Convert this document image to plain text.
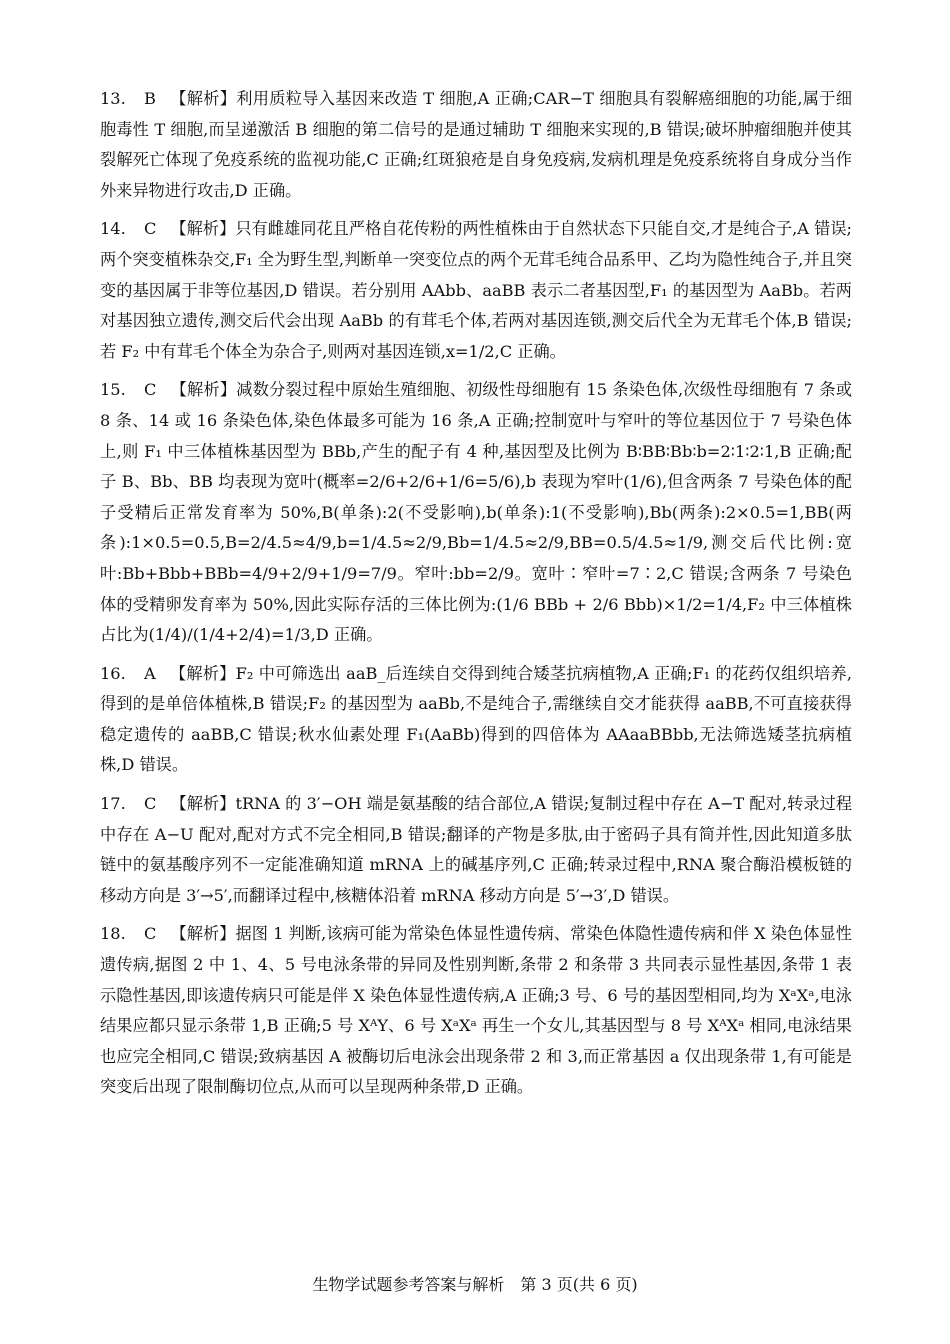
13. B 【解析】利用质粒导入基因来改造 T 细胞,A 正确;CAR−T 细胞具有裂解癌细胞的功能,属于细胞毒性 T 细胞,而呈递激活 B 细胞的第二信号的是通过辅助 T 细胞来实现的,B 错误;破坏肿瘤细胞并使其裂解死亡体现了免疫系统的监视功能,C 正确;红斑狼疮是自身免疫病,发病机理是免疫系统将自身成分当作外来异物进行攻击,D 正确。
14. C 【解析】只有雌雄同花且严格自花传粉的两性植株由于自然状态下只能自交,才是纯合子,A 错误;两个突变植株杂交,F₁ 全为野生型,判断单一突变位点的两个无茸毛纯合品系甲、乙均为隐性纯合子,并且突变的基因属于非等位基因,D 错误。若分别用 AAbb、aaBB 表示二者基因型,F₁ 的基因型为 AaBb。若两对基因独立遗传,测交后代会出现 AaBb 的有茸毛个体,若两对基因连锁,测交后代全为无茸毛个体,B 错误;若 F₂ 中有茸毛个体全为杂合子,则两对基因连锁,x=1/2,C 正确。
15. C 【解析】减数分裂过程中原始生殖细胞、初级性母细胞有 15 条染色体,次级性母细胞有 7 条或 8 条、14 或 16 条染色体,染色体最多可能为 16 条,A 正确;控制宽叶与窄叶的等位基因位于 7 号染色体上,则 F₁ 中三体植株基因型为 BBb,产生的配子有 4 种,基因型及比例为 B∶BB∶Bb∶b=2∶1∶2∶1,B 正确;配子 B、Bb、BB 均表现为宽叶(概率=2/6+2/6+1/6=5/6),b 表现为窄叶(1/6),但含两条 7 号染色体的配子受精后正常发育率为 50%,B(单条):2(不受影响),b(单条):1(不受影响),Bb(两条):2×0.5=1,BB(两条):1×0.5=0.5,B=2/4.5≈4/9,b=1/4.5≈2/9,Bb=1/4.5≈2/9,BB=0.5/4.5≈1/9,测交后代比例:宽叶:Bb+Bbb+BBb=4/9+2/9+1/9=7/9。窄叶:bb=2/9。宽叶∶窄叶=7∶2,C 错误;含两条 7 号染色体的受精卵发育率为 50%,因此实际存活的三体比例为:(1/6 BBb + 2/6 Bbb)×1/2=1/4,F₂ 中三体植株占比为(1/4)/(1/4+2/4)=1/3,D 正确。
16. A 【解析】F₂ 中可筛选出 aaB_后连续自交得到纯合矮茎抗病植物,A 正确;F₁ 的花药仅组织培养,得到的是单倍体植株,B 错误;F₂ 的基因型为 aaBb,不是纯合子,需继续自交才能获得 aaBB,不可直接获得稳定遗传的 aaBB,C 错误;秋水仙素处理 F₁(AaBb)得到的四倍体为 AAaaBBbb,无法筛选矮茎抗病植株,D 错误。
17. C 【解析】tRNA 的 3′−OH 端是氨基酸的结合部位,A 错误;复制过程中存在 A−T 配对,转录过程中存在 A−U 配对,配对方式不完全相同,B 错误;翻译的产物是多肽,由于密码子具有简并性,因此知道多肽链中的氨基酸序列不一定能准确知道 mRNA 上的碱基序列,C 正确;转录过程中,RNA 聚合酶沿模板链的移动方向是 3′→5′,而翻译过程中,核糖体沿着 mRNA 移动方向是 5′→3′,D 错误。
18. C 【解析】据图 1 判断,该病可能为常染色体显性遗传病、常染色体隐性遗传病和伴 X 染色体显性遗传病,据图 2 中 1、4、5 号电泳条带的异同及性别判断,条带 2 和条带 3 共同表示显性基因,条带 1 表示隐性基因,即该遗传病只可能是伴 X 染色体显性遗传病,A 正确;3 号、6 号的基因型相同,均为 XᵃXᵃ,电泳结果应都只显示条带 1,B 正确;5 号 XᴬY、6 号 XᵃXᵃ 再生一个女儿,其基因型与 8 号 XᴬXᵃ 相同,电泳结果也应完全相同,C 错误;致病基因 A 被酶切后电泳会出现条带 2 和 3,而正常基因 a 仅出现条带 1,有可能是突变后出现了限制酶切位点,从而可以呈现两种条带,D 正确。
生物学试题参考答案与解析　第 3 页(共 6 页)
